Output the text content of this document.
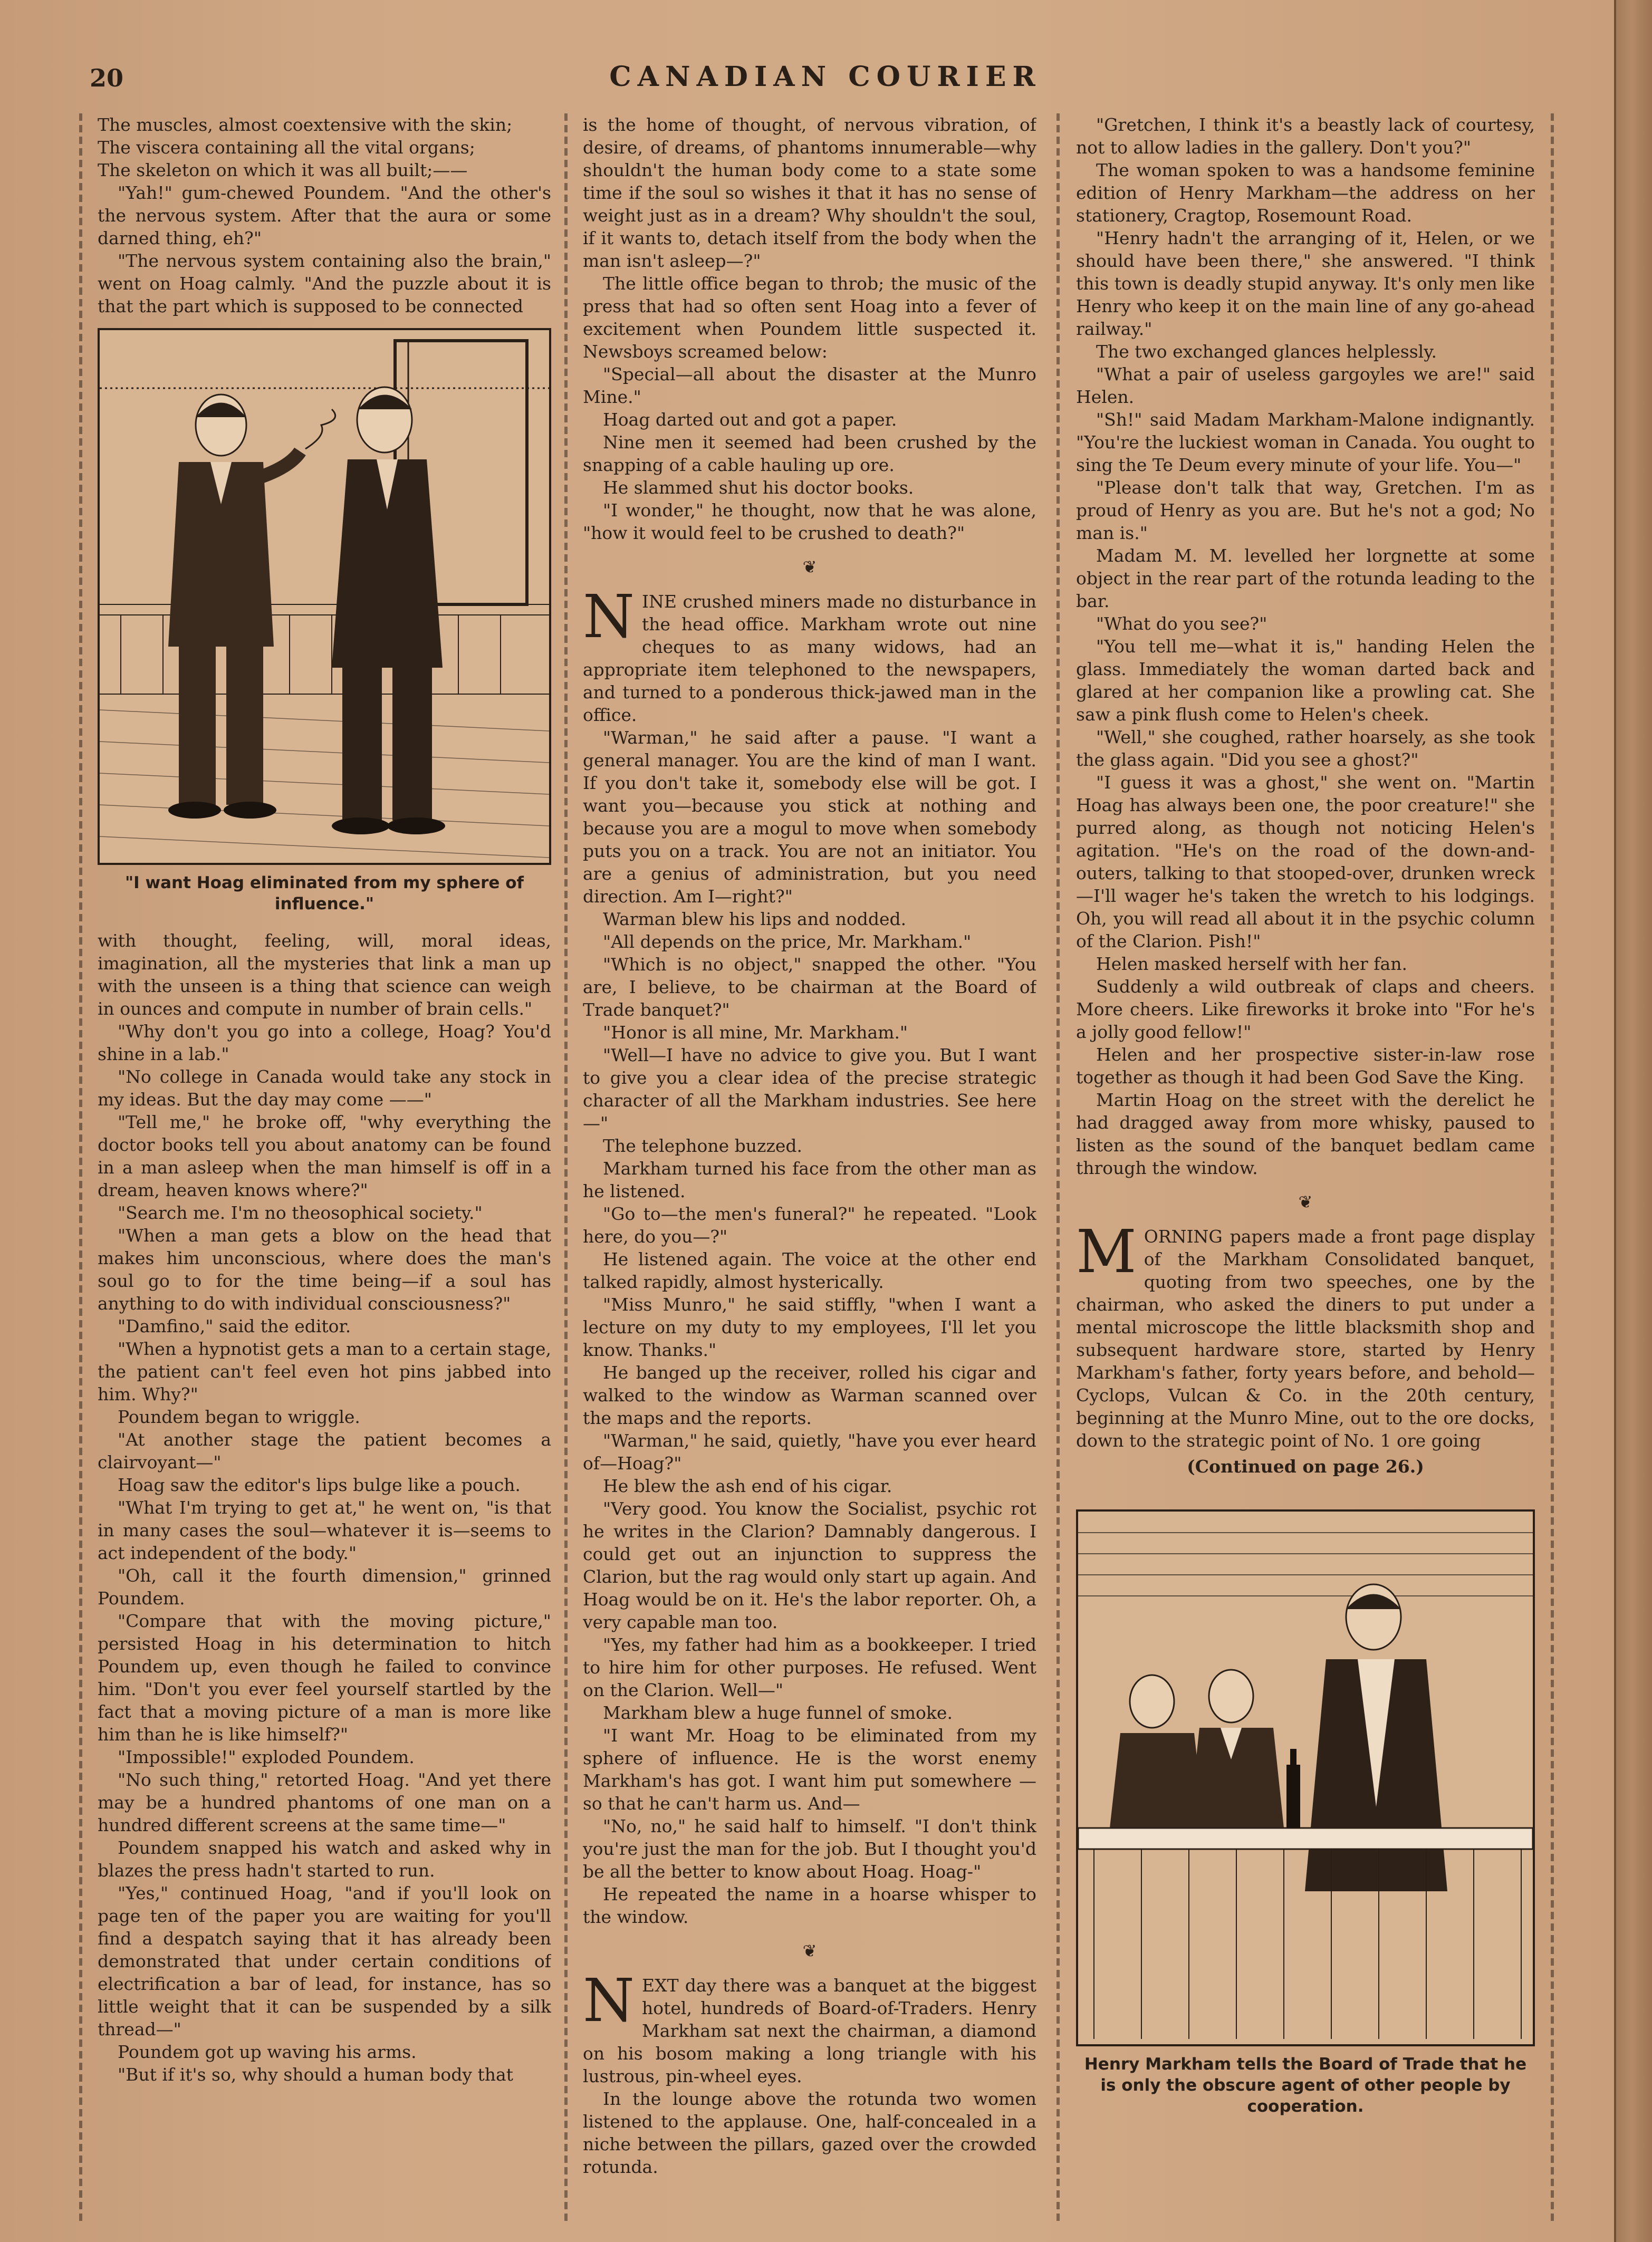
20	CANADIAN COURIER

The muscles, almost coextensive with the skin;

The viscera containing all the vital organs;

The skeleton on which it was all built;——

"Yah!" gum-chewed Poundem. "And the other's the nervous system. After that the aura or some darned thing, eh?"

"The nervous system containing also the brain," went on Hoag calmly. "And the puzzle about it is that the part which is supposed to be connected

"I want Hoag eliminated from my sphere of influence."

with thought, feeling, will, moral ideas, imagination, all the mysteries that link a man up with the unseen is a thing that science can weigh in ounces and compute in number of brain cells."

"Why don't you go into a college, Hoag? You'd shine in a lab."

"No college in Canada would take any stock in my ideas. But the day may come ——"

"Tell me," he broke off, "why everything the doctor books tell you about anatomy can be found in a man asleep when the man himself is off in a dream, heaven knows where?"

"Search me. I'm no theosophical society."

"When a man gets a blow on the head that makes him unconscious, where does the man's soul go to for the time being—if a soul has anything to do with individual consciousness?"

"Damfino," said the editor.

"When a hypnotist gets a man to a certain stage, the patient can't feel even hot pins jabbed into him. Why?"

Poundem began to wriggle.

"At another stage the patient becomes a clairvoyant—"

Hoag saw the editor's lips bulge like a pouch.

"What I'm trying to get at," he went on, "is that in many cases the soul—whatever it is—seems to act independent of the body."

"Oh, call it the fourth dimension," grinned Poundem.

"Compare that with the moving picture," persisted Hoag in his determination to hitch Poundem up, even though he failed to convince him. "Don't you ever feel yourself startled by the fact that a moving picture of a man is more like him than he is like himself?"

"Impossible!" exploded Poundem.

"No such thing," retorted Hoag. "And yet there may be a hundred phantoms of one man on a hundred different screens at the same time—"

Poundem snapped his watch and asked why in blazes the press hadn't started to run.

"Yes," continued Hoag, "and if you'll look on page ten of the paper you are waiting for you'll find a despatch saying that it has already been demonstrated that under certain conditions of electrification a bar of lead, for instance, has so little weight that it can be suspended by a silk thread—"

Poundem got up waving his arms.

"But if it's so, why should a human body that

is the home of thought, of nervous vibration, of desire, of dreams, of phantoms innumerable—why shouldn't the human body come to a state some time if the soul so wishes it that it has no sense of weight just as in a dream? Why shouldn't the soul, if it wants to, detach itself from the body when the man isn't asleep—?"

The little office began to throb; the music of the press that had so often sent Hoag into a fever of excitement when Poundem little suspected it. Newsboys screamed below:

"Special—all about the disaster at the Munro Mine."

Hoag darted out and got a paper.

Nine men it seemed had been crushed by the snapping of a cable hauling up ore.

He slammed shut his doctor books.

"I wonder," he thought, now that he was alone, "how it would feel to be crushed to death?"

❦

NINE crushed miners made no disturbance in the head office. Markham wrote out nine cheques to as many widows, had an appropriate item telephoned to the newspapers, and turned to a ponderous thick-jawed man in the office.

"Warman," he said after a pause. "I want a general manager. You are the kind of man I want. If you don't take it, somebody else will be got. I want you—because you stick at nothing and because you are a mogul to move when somebody puts you on a track. You are not an initiator. You are a genius of administration, but you need direction. Am I—right?"

Warman blew his lips and nodded.

"All depends on the price, Mr. Markham."

"Which is no object," snapped the other. "You are, I believe, to be chairman at the Board of Trade banquet?"

"Honor is all mine, Mr. Markham."

"Well—I have no advice to give you. But I want to give you a clear idea of the precise strategic character of all the Markham industries. See here—"

The telephone buzzed.

Markham turned his face from the other man as he listened.

"Go to—the men's funeral?" he repeated. "Look here, do you—?"

He listened again. The voice at the other end talked rapidly, almost hysterically.

"Miss Munro," he said stiffly, "when I want a lecture on my duty to my employees, I'll let you know. Thanks."

He banged up the receiver, rolled his cigar and walked to the window as Warman scanned over the maps and the reports.

"Warman," he said, quietly, "have you ever heard of—Hoag?"

He blew the ash end of his cigar.

"Very good. You know the Socialist, psychic rot he writes in the Clarion? Damnably dangerous. I could get out an injunction to suppress the Clarion, but the rag would only start up again. And Hoag would be on it. He's the labor reporter. Oh, a very capable man too.

"Yes, my father had him as a bookkeeper. I tried to hire him for other purposes. He refused. Went on the Clarion. Well—"

Markham blew a huge funnel of smoke.

"I want Mr. Hoag to be eliminated from my sphere of influence. He is the worst enemy Markham's has got. I want him put somewhere —so that he can't harm us. And—

"No, no," he said half to himself. "I don't think you're just the man for the job. But I thought you'd be all the better to know about Hoag. Hoag-"

He repeated the name in a hoarse whisper to the window.

❦

NEXT day there was a banquet at the biggest hotel, hundreds of Board-of-Traders. Henry Markham sat next the chairman, a diamond on his bosom making a long triangle with his lustrous, pin-wheel eyes.

In the lounge above the rotunda two women listened to the applause. One, half-concealed in a niche between the pillars, gazed over the crowded rotunda.

"Gretchen, I think it's a beastly lack of courtesy, not to allow ladies in the gallery. Don't you?"

The woman spoken to was a handsome feminine edition of Henry Markham—the address on her stationery, Cragtop, Rosemount Road.

"Henry hadn't the arranging of it, Helen, or we should have been there," she answered. "I think this town is deadly stupid anyway. It's only men like Henry who keep it on the main line of any go-ahead railway."

The two exchanged glances helplessly.

"What a pair of useless gargoyles we are!" said Helen.

"Sh!" said Madam Markham-Malone indignantly. "You're the luckiest woman in Canada. You ought to sing the Te Deum every minute of your life. You—"

"Please don't talk that way, Gretchen. I'm as proud of Henry as you are. But he's not a god; No man is."

Madam M. M. levelled her lorgnette at some object in the rear part of the rotunda leading to the bar.

"What do you see?"

"You tell me—what it is," handing Helen the glass. Immediately the woman darted back and glared at her companion like a prowling cat. She saw a pink flush come to Helen's cheek.

"Well," she coughed, rather hoarsely, as she took the glass again. "Did you see a ghost?"

"I guess it was a ghost," she went on. "Martin Hoag has always been one, the poor creature!" she purred along, as though not noticing Helen's agitation. "He's on the road of the down-and-outers, talking to that stooped-over, drunken wreck—I'll wager he's taken the wretch to his lodgings. Oh, you will read all about it in the psychic column of the Clarion. Pish!"

Helen masked herself with her fan.

Suddenly a wild outbreak of claps and cheers. More cheers. Like fireworks it broke into "For he's a jolly good fellow!"

Helen and her prospective sister-in-law rose together as though it had been God Save the King.

Martin Hoag on the street with the derelict he had dragged away from more whisky, paused to listen as the sound of the banquet bedlam came through the window.

❦

MORNING papers made a front page display of the Markham Consolidated banquet, quoting from two speeches, one by the chairman, who asked the diners to put under a mental microscope the little blacksmith shop and subsequent hardware store, started by Henry Markham's father, forty years before, and behold—Cyclops, Vulcan & Co. in the 20th century, beginning at the Munro Mine, out to the ore docks, down to the strategic point of No. 1 ore going

(Continued on page 26.)

Henry Markham tells the Board of Trade that he is only the obscure agent of other people by cooperation.
